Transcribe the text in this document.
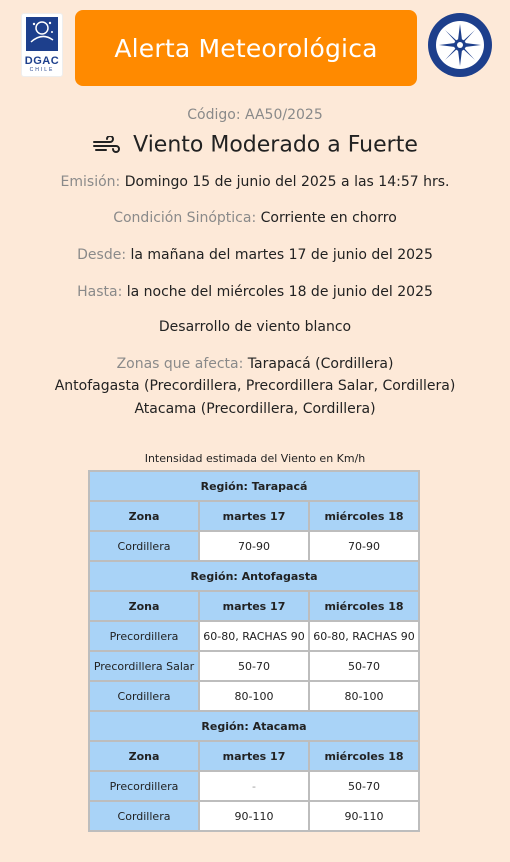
DGAC
CHILE
Alerta Meteorológica
Código: AA50/2025
Viento Moderado a Fuerte
Emisión: Domingo 15 de junio del 2025 a las 14:57 hrs.
Condición Sinóptica: Corriente en chorro
Desde: la mañana del martes 17 de junio del 2025
Hasta: la noche del miércoles 18 de junio del 2025
Desarrollo de viento blanco
Zonas que afecta: Tarapacá (Cordillera)
Antofagasta (Precordillera, Precordillera Salar, Cordillera)
Atacama (Precordillera, Cordillera)
Intensidad estimada del Viento en Km/h
Región: Tarapacá		
Zona	martes 17	miércoles 18
Cordillera	70-90	70-90
Región: Antofagasta		
Zona	martes 17	miércoles 18
Precordillera	60-80, RACHAS 90	60-80, RACHAS 90
Precordillera Salar	50-70	50-70
Cordillera	80-100	80-100
Región: Atacama		
Zona	martes 17	miércoles 18
Precordillera	-	50-70
Cordillera	90-110	90-110
